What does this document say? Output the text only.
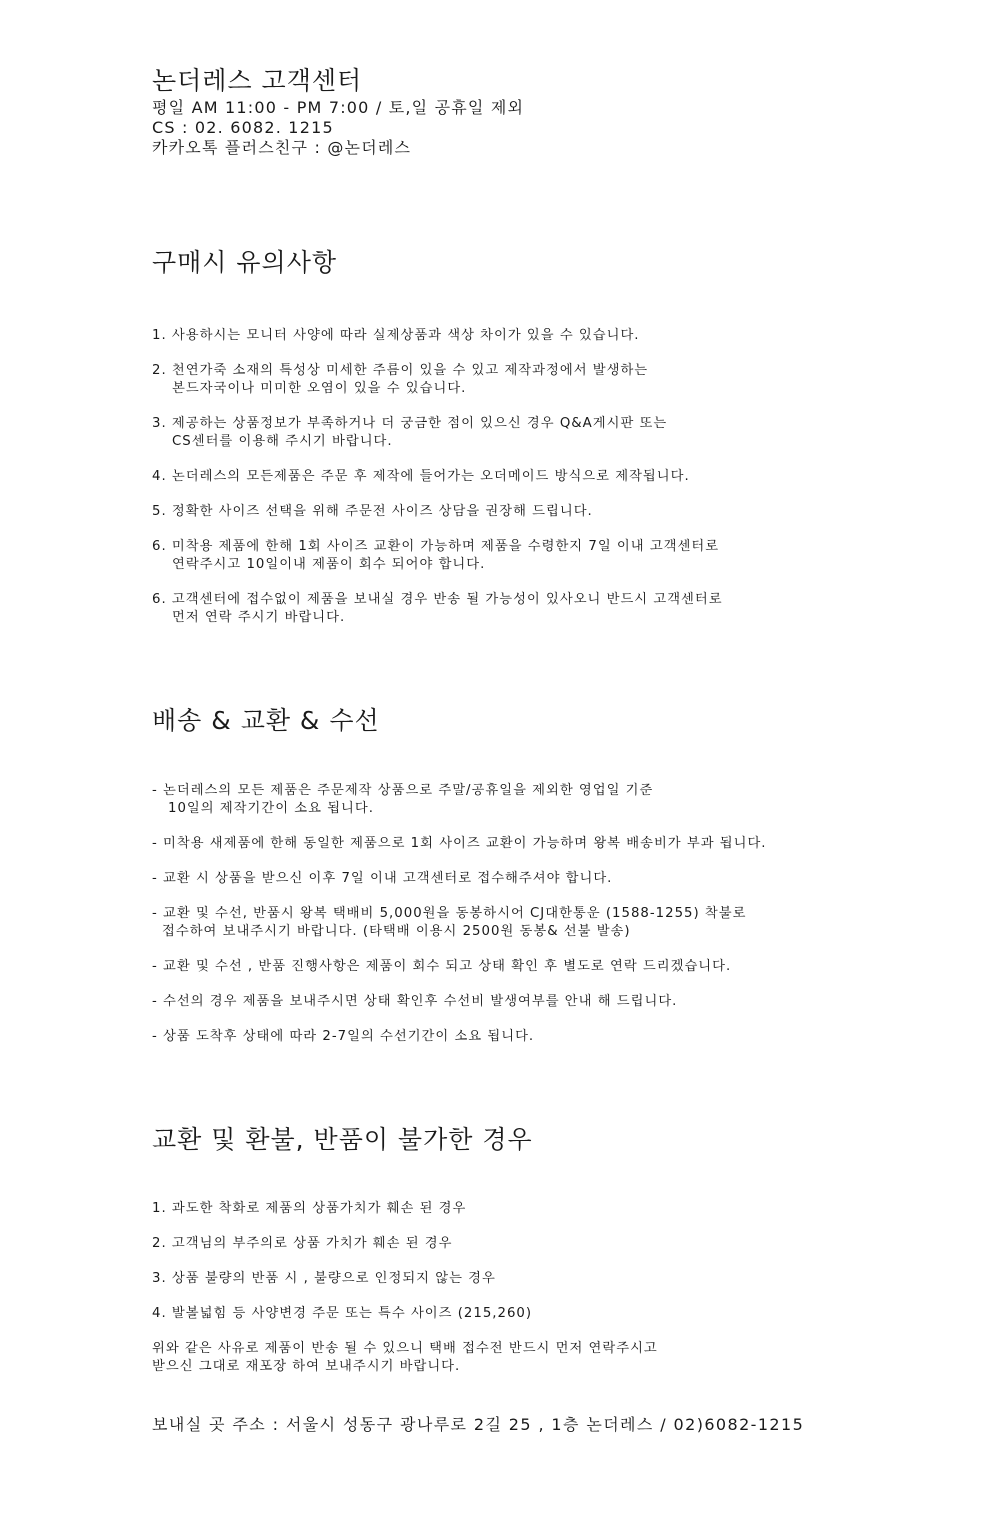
논더레스 고객센터

평일 AM 11:00 - PM 7:00 / 토,일 공휴일 제외

CS : 02. 6082. 1215

카카오톡 플러스친구 : @논더레스

구매시 유의사항
1. 사용하시는 모니터 사양에 따라 실제상품과 색상 차이가 있을 수 있습니다.
2. 천연가죽 소재의 특성상 미세한 주름이 있을 수 있고 제작과정에서 발생하는
본드자국이나 미미한 오염이 있을 수 있습니다.
3. 제공하는 상품정보가 부족하거나 더 궁금한 점이 있으신 경우 Q&A게시판 또는
CS센터를 이용해 주시기 바랍니다.
4. 논더레스의 모든제품은 주문 후 제작에 들어가는 오더메이드 방식으로 제작됩니다.
5. 정확한 사이즈 선택을 위해 주문전 사이즈 상담을 권장해 드립니다.
6. 미착용 제품에 한해 1회 사이즈 교환이 가능하며 제품을 수령한지 7일 이내 고객센터로
연락주시고 10일이내 제품이 회수 되어야 합니다.
6. 고객센터에 접수없이 제품을 보내실 경우 반송 될 가능성이 있사오니 반드시 고객센터로
먼저 연락 주시기 바랍니다.
배송 & 교환 & 수선
- 논더레스의 모든 제품은 주문제작 상품으로 주말/공휴일을 제외한 영업일 기준
10일의 제작기간이 소요 됩니다.
- 미착용 새제품에 한해 동일한 제품으로 1회 사이즈 교환이 가능하며 왕복 배송비가 부과 됩니다.
- 교환 시 상품을 받으신 이후 7일 이내 고객센터로 접수해주셔야 합니다.
- 교환 및 수선, 반품시 왕복 택배비 5,000원을 동봉하시어 CJ대한통운 (1588-1255) 착불로
접수하여 보내주시기 바랍니다. (타택배 이용시 2500원 동봉& 선불 발송)
- 교환 및 수선 , 반품 진행사항은 제품이 회수 되고 상태 확인 후 별도로 연락 드리겠습니다.
- 수선의 경우 제품을 보내주시면 상태 확인후 수선비 발생여부를 안내 해 드립니다.
- 상품 도착후 상태에 따라 2-7일의 수선기간이 소요 됩니다.
교환 및 환불, 반품이 불가한 경우
1. 과도한 착화로 제품의 상품가치가 훼손 된 경우
2. 고객님의 부주의로 상품 가치가 훼손 된 경우
3. 상품 불량의 반품 시 , 불량으로 인정되지 않는 경우
4. 발볼넓힘 등 사양변경 주문 또는 특수 사이즈 (215,260)

위와 같은 사유로 제품이 반송 될 수 있으니 택배 접수전 반드시 먼저 연락주시고
받으신 그대로 재포장 하여 보내주시기 바랍니다.

보내실 곳 주소 : 서울시 성동구 광나루로 2길 25 , 1층 논더레스 / 02)6082-1215
